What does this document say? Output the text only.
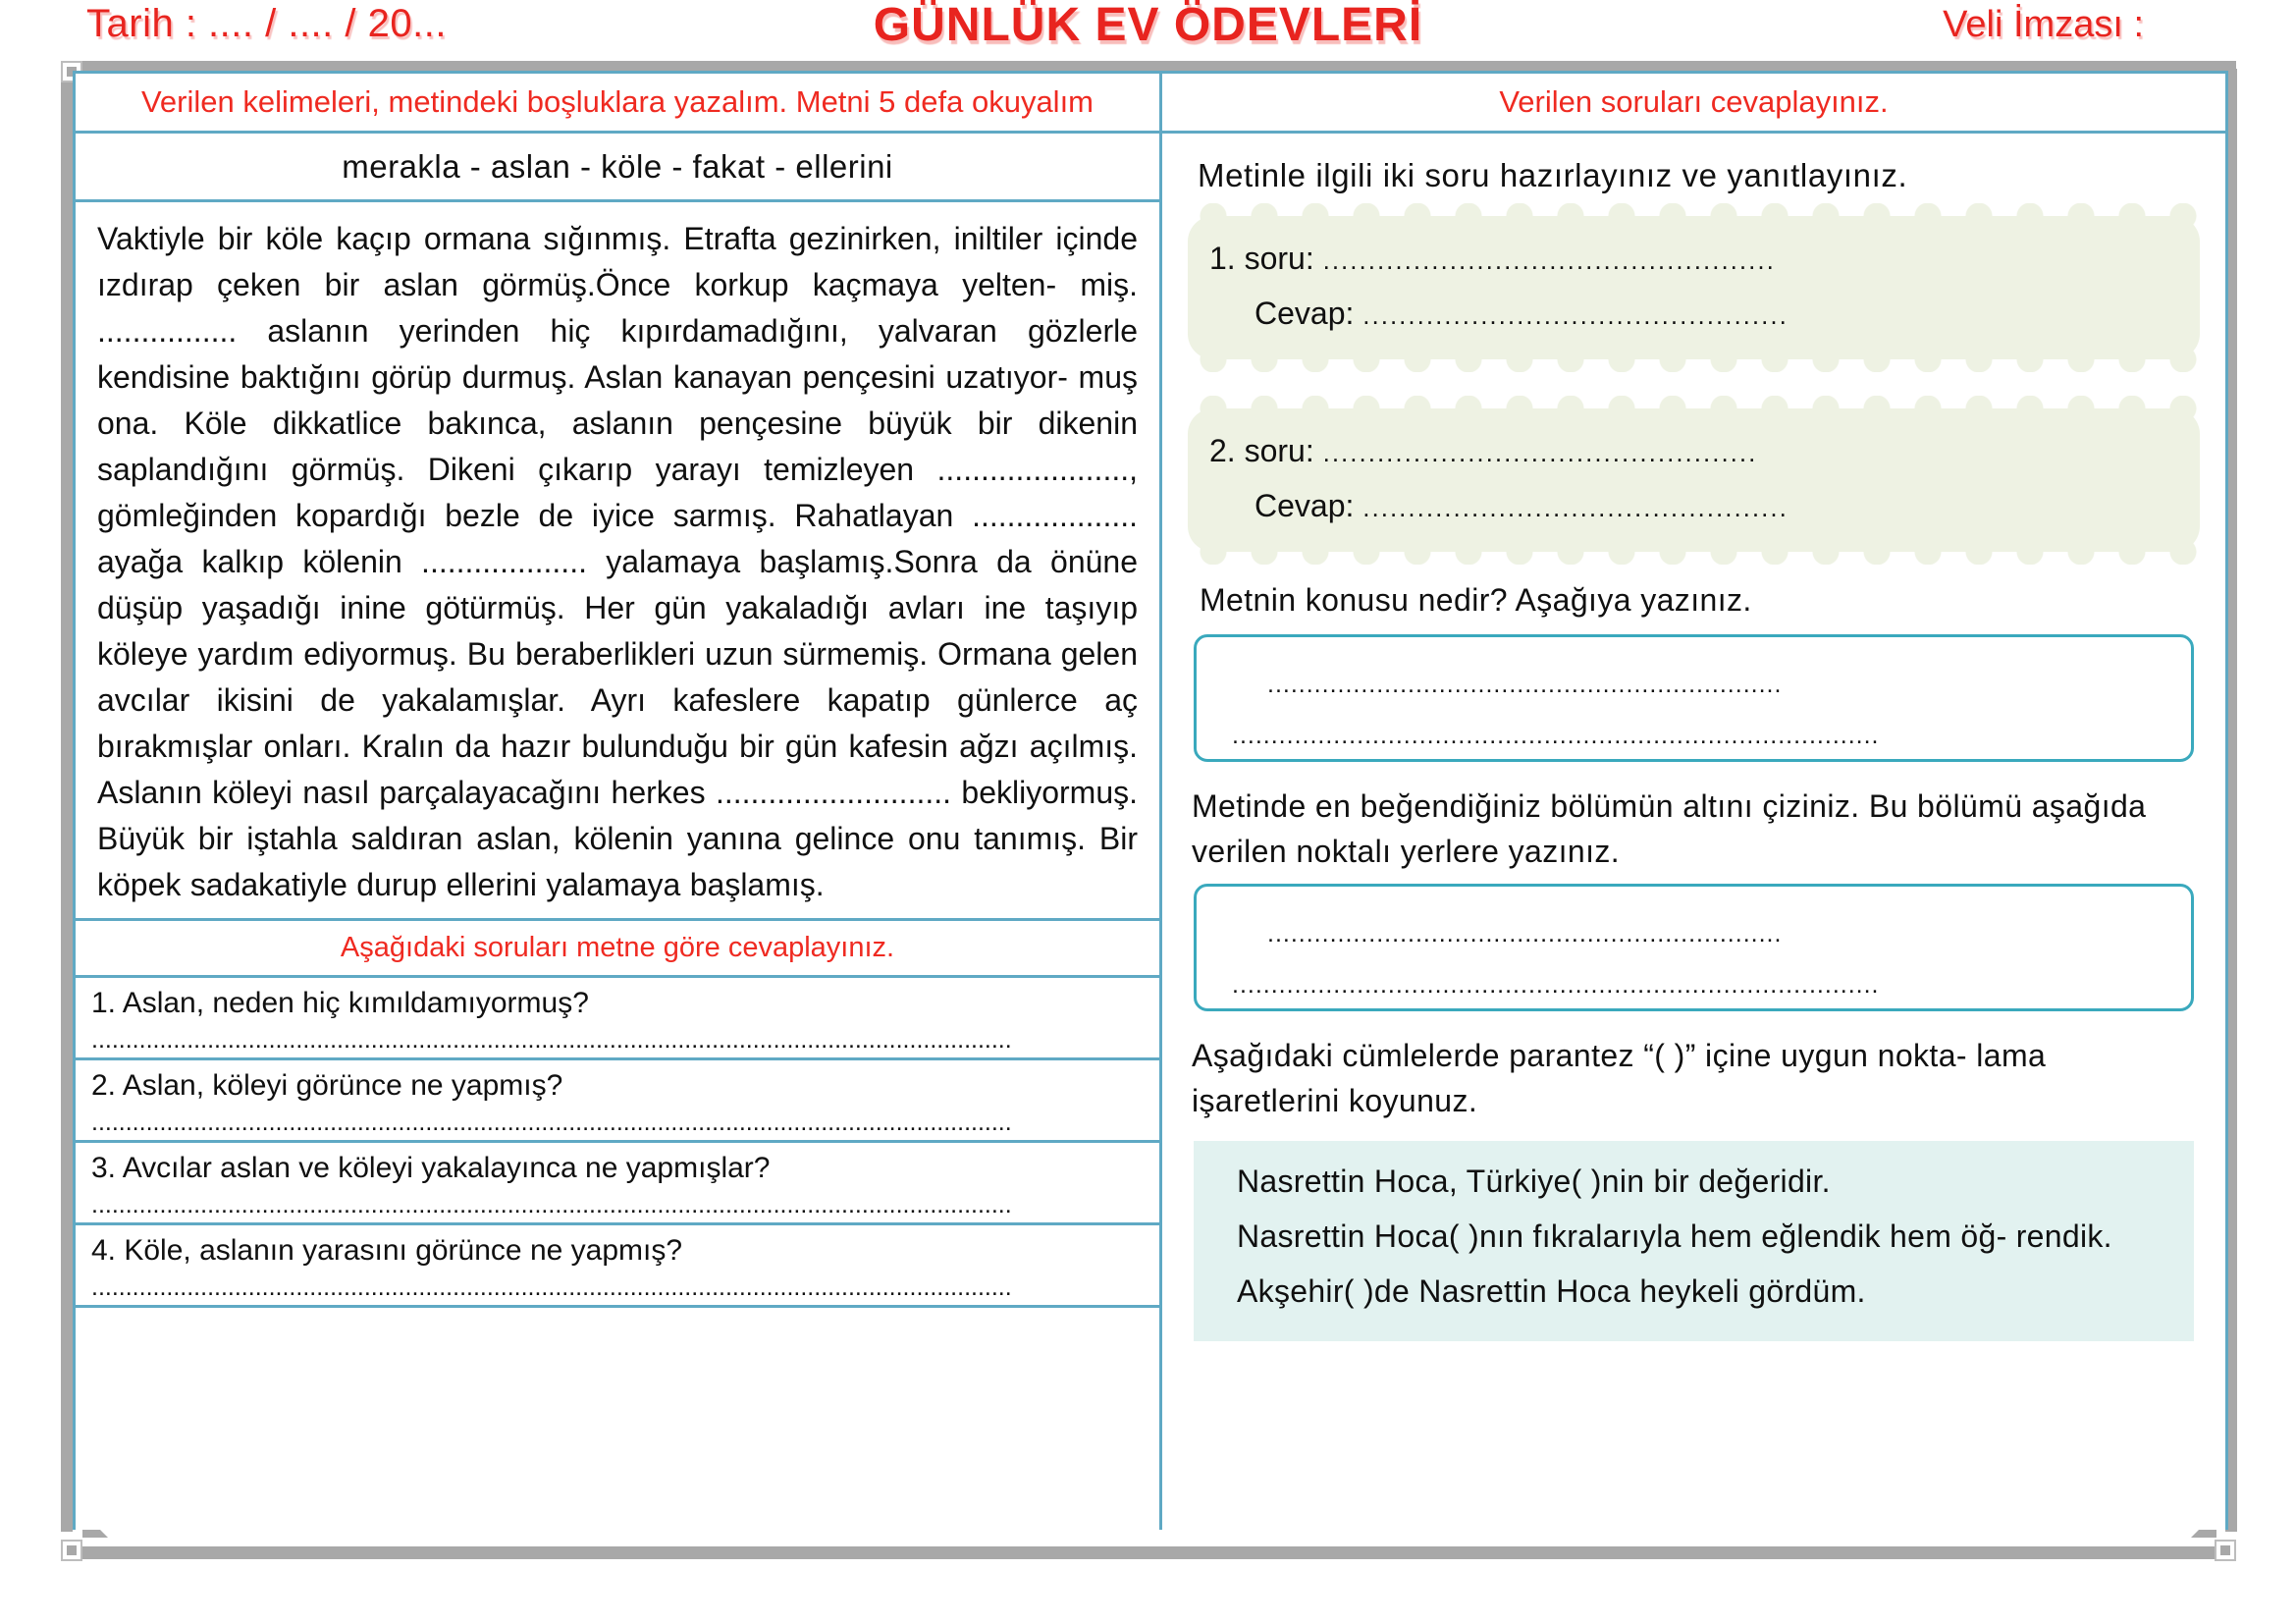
Tarih : .... / .... / 20...	GÜNLÜK EV ÖDEVLERİ	Veli İmzası :
Verilen kelimeleri, metindeki boşluklara yazalım. Metni 5 defa okuyalım
merakla - aslan - köle - fakat - ellerini

Vaktiyle bir köle kaçıp ormana sığınmış. Etrafta gezinirken, iniltiler içinde ızdırap çeken bir aslan görmüş.Önce korkup kaçmaya yelten- miş. ................ aslanın yerinden hiç kıpırdamadığını, yalvaran gözlerle kendisine baktığını görüp durmuş. Aslan kanayan pençesini uzatıyor- muş ona. Köle dikkatlice bakınca, aslanın pençesine büyük bir dikenin saplandığını görmüş. Dikeni çıkarıp yarayı temizleyen ......................, gömleğinden kopardığı bezle de iyice sarmış. Rahatlayan ................... ayağa kalkıp kölenin ................... yalamaya başlamış.Sonra da önüne düşüp yaşadığı inine götürmüş. Her gün yakaladığı avları ine taşıyıp köleye yardım ediyormuş. Bu beraberlikleri uzun sürmemiş. Ormana gelen avcılar ikisini de yakalamışlar. Ayrı kafeslere kapatıp günlerce aç bırakmışlar onları. Kralın da hazır bulunduğu bir gün kafesin ağzı açılmış. Aslanın köleyi nasıl parçalayacağını herkes ........................... bekliyormuş. Büyük bir iştahla saldıran aslan, kölenin yanına gelince onu tanımış. Bir köpek sadakatiyle durup ellerini yalamaya başlamış.

Aşağıdaki soruları metne göre cevaplayınız.
1. Aslan, neden hiç kımıldamıyormuş?
.......................................................................................................................................
2. Aslan, köleyi görünce ne yapmış?
.......................................................................................................................................
3. Avcılar aslan ve köleyi yakalayınca ne yapmışlar?
.......................................................................................................................................
4. Köle, aslanın yarasını görünce ne yapmış?
.......................................................................................................................................
Verilen soruları cevaplayınız.
Metinle ilgili iki soru hazırlayınız ve yanıtlayınız.
1. soru: ..................................................
Cevap: ...............................................
2. soru: ................................................
Cevap: ...............................................
Metnin konusu nedir? Aşağıya yazınız.
..................................................................
...................................................................................
Metinde en beğendiğiniz bölümün altını çiziniz. Bu bölümü aşağıda verilen noktalı yerlere yazınız.
..................................................................
...................................................................................
Aşağıdaki cümlelerde parantez “( )” içine uygun nokta- lama işaretlerini koyunuz.

Nasrettin Hoca, Türkiye( )nin bir değeridir.

Nasrettin Hoca( )nın fıkralarıyla hem eğlendik hem öğ- rendik.

Akşehir( )de Nasrettin Hoca heykeli gördüm.
